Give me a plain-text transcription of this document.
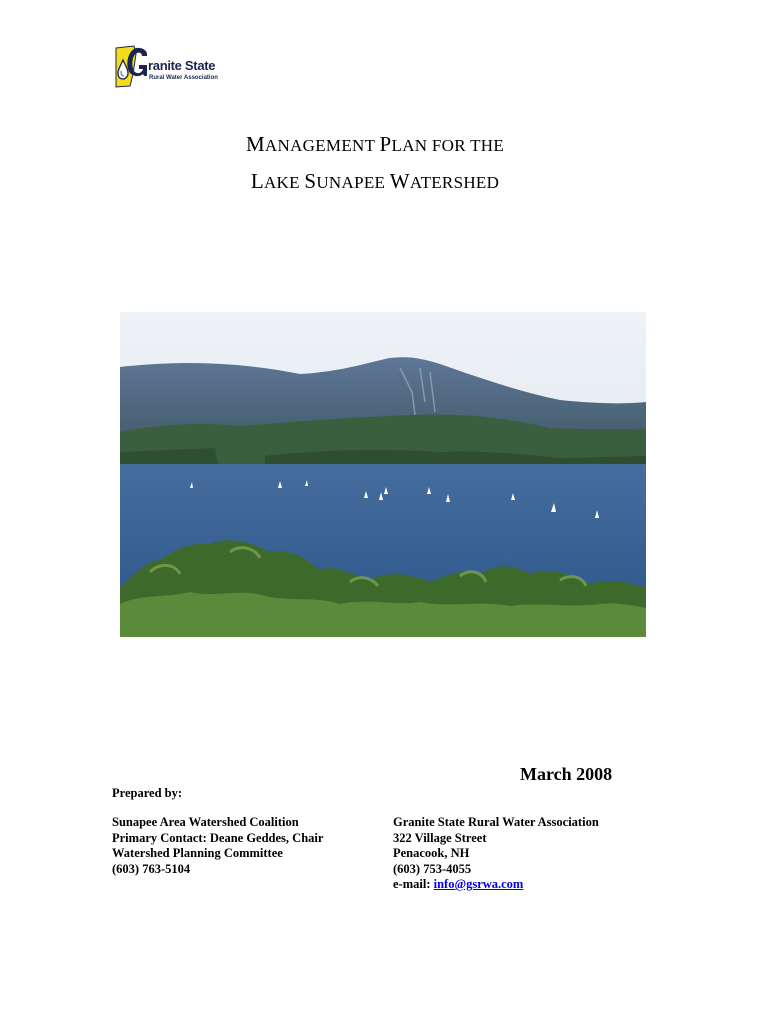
ranite State
Rural Water Association
MANAGEMENT PLAN FOR THE
LAKE SUNAPEE WATERSHED
March 2008
Prepared by:
Sunapee Area Watershed Coalition
Primary Contact: Deane Geddes, Chair
Watershed Planning Committee
(603) 763-5104
Granite State Rural Water Association
322 Village Street
Penacook, NH
(603) 753-4055
e-mail: info@gsrwa.com
